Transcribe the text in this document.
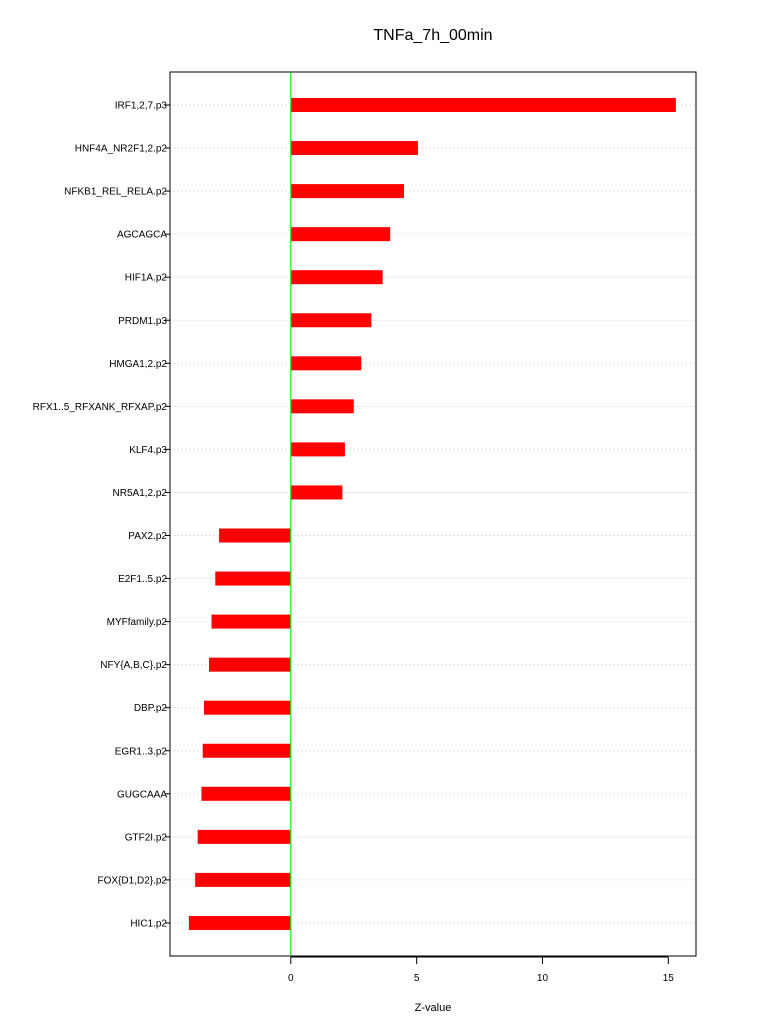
TNFa_7h_00min
IRF1,2,7.p3
HNF4A_NR2F1,2.p2
NFKB1_REL_RELA.p2
AGCAGCA
HIF1A.p2
PRDM1.p3
HMGA1,2.p2
RFX1..5_RFXANK_RFXAP.p2
KLF4.p3
NR5A1,2.p2
PAX2.p2
E2F1..5.p2
MYFfamily.p2
NFY{A,B,C}.p2
DBP.p2
EGR1..3.p2
GUGCAAA
GTF2I.p2
FOX{D1,D2}.p2
HIC1.p2
0	5	10	15
Z-value
